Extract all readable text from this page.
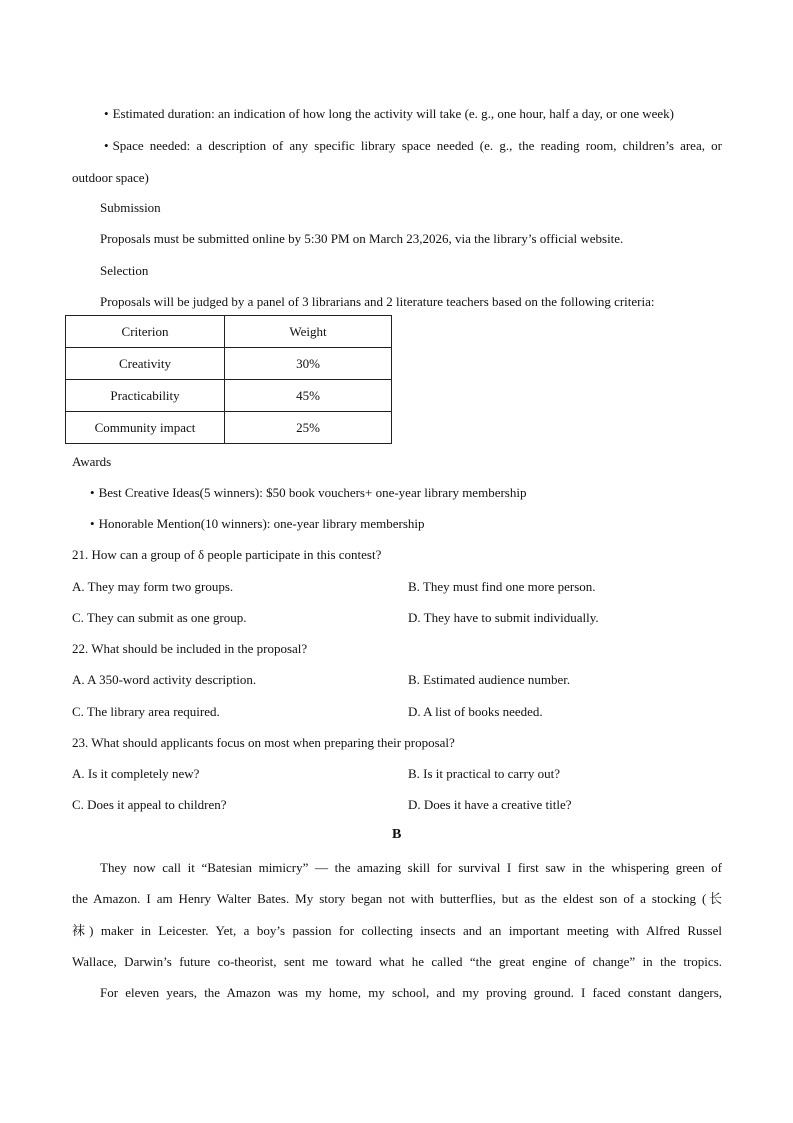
• Estimated duration: an indication of how long the activity will take (e. g., one hour, half a day, or one week)
• Space needed: a description of any specific library space needed (e. g., the reading room, children’s area, or
outdoor space)
Submission
Proposals must be submitted online by 5:30 PM on March 23,2026, via the library’s official website.
Selection
Proposals will be judged by a panel of 3 librarians and 2 literature teachers based on the following criteria:
Criterion	Weight
Creativity	30%
Practicability	45%
Community impact	25%
Awards
• Best Creative Ideas(5 winners): $50 book vouchers+ one-year library membership
• Honorable Mention(10 winners): one-year library membership
21. How can a group of δ people participate in this contest?
A. They may form two groups.	B. They must find one more person.
C. They can submit as one group.	D. They have to submit individually.
22. What should be included in the proposal?
A. A 350-word activity description.	B. Estimated audience number.
C. The library area required.	D. A list of books needed.
23. What should applicants focus on most when preparing their proposal?
A. Is it completely new?	B. Is it practical to carry out?
C. Does it appeal to children?	D. Does it have a creative title?
B
They now call it “Batesian mimicry” — the amazing skill for survival I first saw in the whispering green of
the Amazon. I am Henry Walter Bates. My story began not with butterflies, but as the eldest son of a stocking (长
袜) maker in Leicester. Yet, a boy’s passion for collecting insects and an important meeting with Alfred Russel
Wallace, Darwin’s future co-theorist, sent me toward what he called “the great engine of change” in the tropics.
For eleven years, the Amazon was my home, my school, and my proving ground. I faced constant dangers,
